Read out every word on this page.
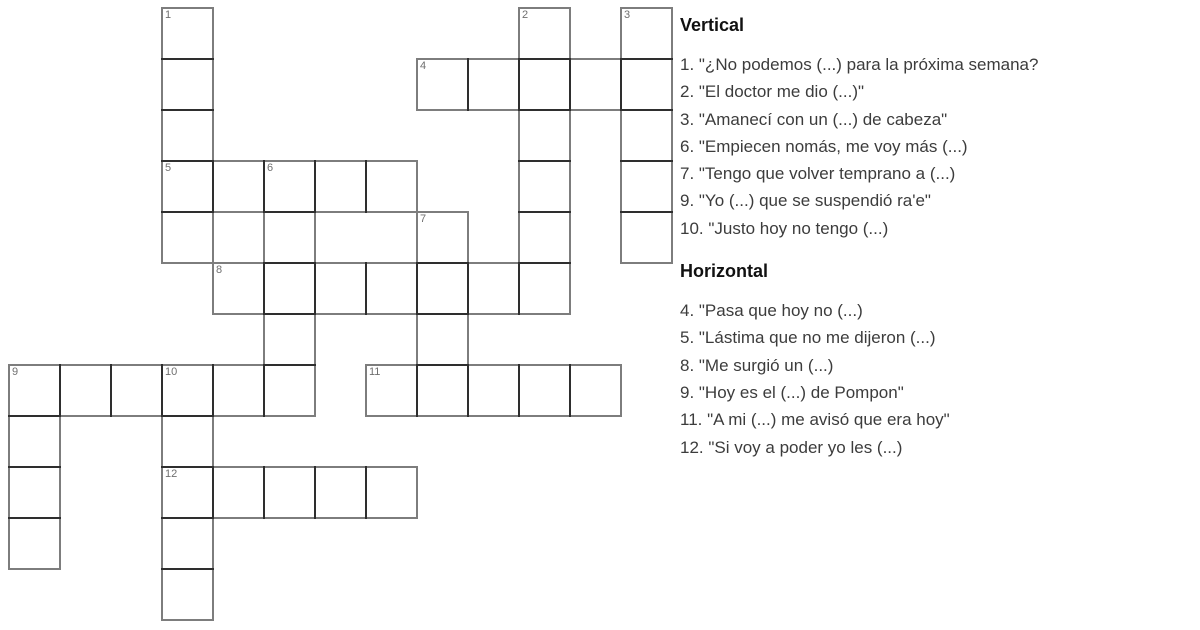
1	2	3
4
5	6
7
8
9	10	11
12
Vertical
1. "¿No podemos (...) para la próxima semana?
2. "El doctor me dio (...)"
3. "Amanecí con un (...) de cabeza"
6. "Empiecen nomás, me voy más (...)
7. "Tengo que volver temprano a (...)
9. "Yo (...) que se suspendió ra'e"
10. "Justo hoy no tengo (...)
Horizontal
4. "Pasa que hoy no (...)
5. "Lástima que no me dijeron (...)
8. "Me surgió un (...)
9. "Hoy es el (...) de Pompon"
11. "A mi (...) me avisó que era hoy"
12. "Si voy a poder yo les (...)
